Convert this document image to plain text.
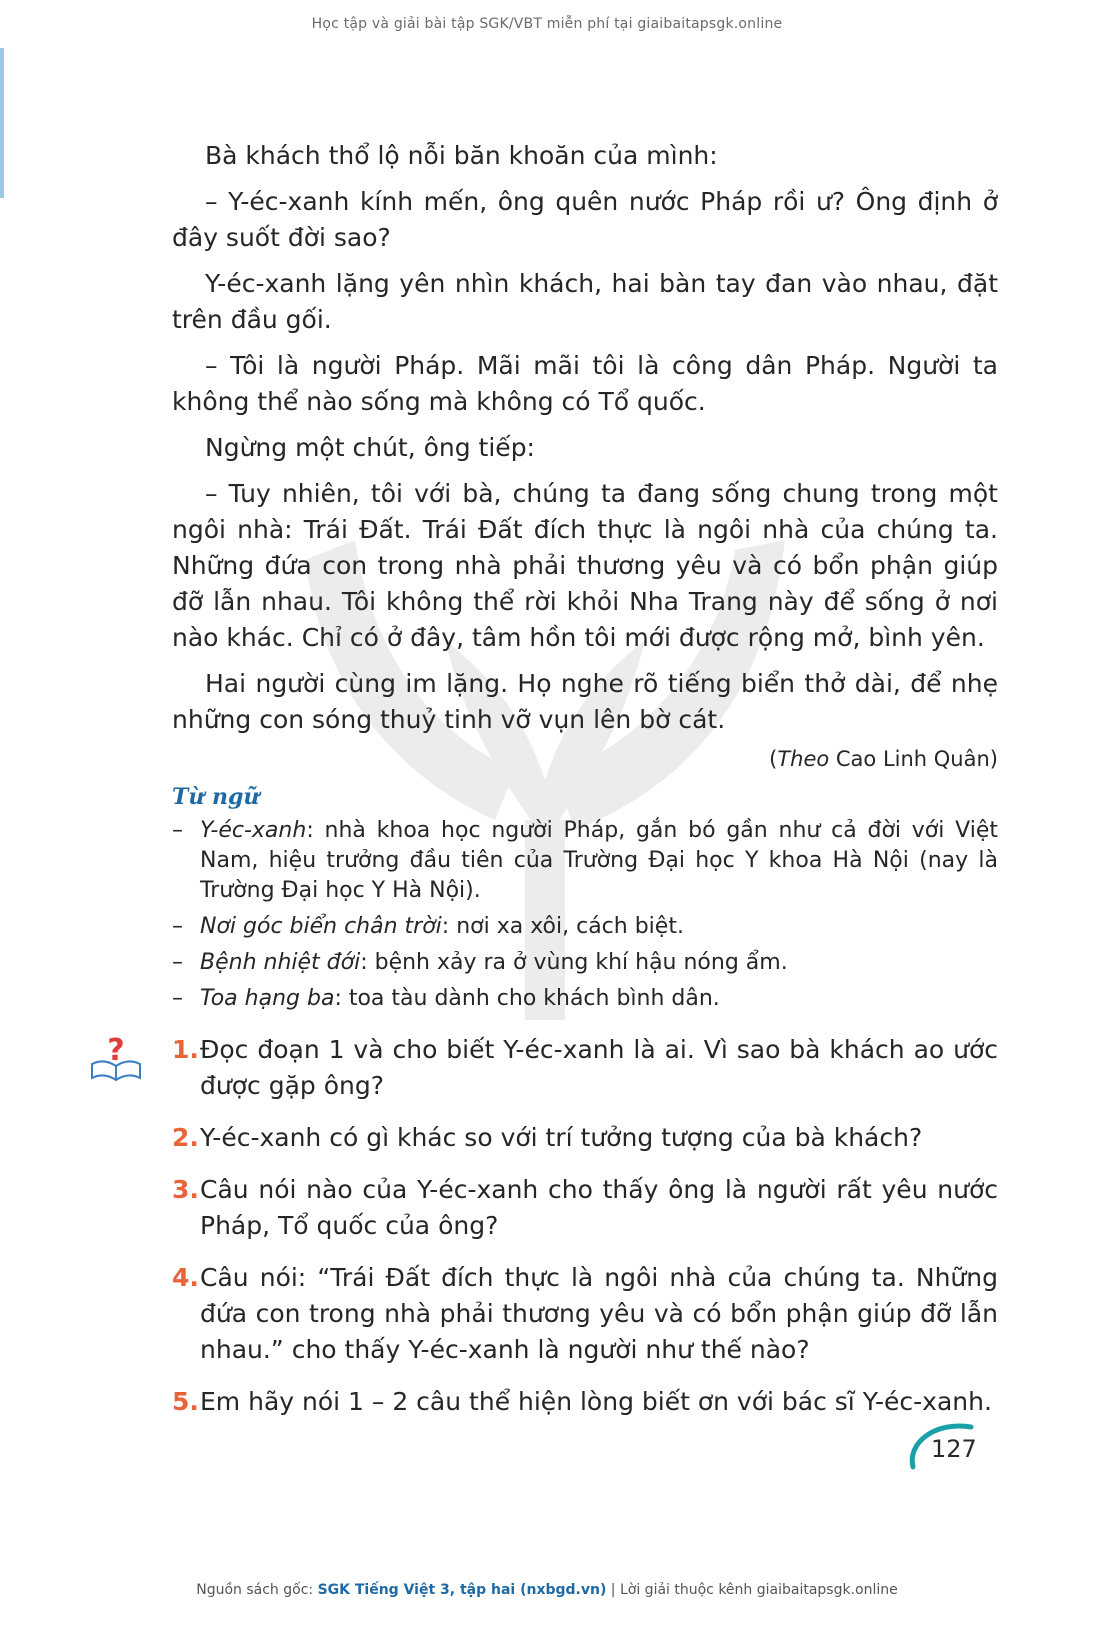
Học tập và giải bài tập SGK/VBT miễn phí tại giaibaitapsgk.online

Bà khách thổ lộ nỗi băn khoăn của mình:

– Y-éc-xanh kính mến, ông quên nước Pháp rồi ư? Ông định ở đây suốt đời sao?

Y-éc-xanh lặng yên nhìn khách, hai bàn tay đan vào nhau, đặt trên đầu gối.

– Tôi là người Pháp. Mãi mãi tôi là công dân Pháp. Người ta không thể nào sống mà không có Tổ quốc.

Ngừng một chút, ông tiếp:

– Tuy nhiên, tôi với bà, chúng ta đang sống chung trong một ngôi nhà: Trái Đất. Trái Đất đích thực là ngôi nhà của chúng ta. Những đứa con trong nhà phải thương yêu và có bổn phận giúp đỡ lẫn nhau. Tôi không thể rời khỏi Nha Trang này để sống ở nơi nào khác. Chỉ có ở đây, tâm hồn tôi mới được rộng mở, bình yên.

Hai người cùng im lặng. Họ nghe rõ tiếng biển thở dài, để nhẹ những con sóng thuỷ tinh vỡ vụn lên bờ cát.

(Theo Cao Linh Quân)
Từ ngữ
– Y-éc-xanh: nhà khoa học người Pháp, gắn bó gần như cả đời với Việt Nam, hiệu trưởng đầu tiên của Trường Đại học Y khoa Hà Nội (nay là Trường Đại học Y Hà Nội).
– Nơi góc biển chân trời: nơi xa xôi, cách biệt.
– Bệnh nhiệt đới: bệnh xảy ra ở vùng khí hậu nóng ẩm.
– Toa hạng ba: toa tàu dành cho khách bình dân.
1. Đọc đoạn 1 và cho biết Y-éc-xanh là ai. Vì sao bà khách ao ước được gặp ông?
2. Y-éc-xanh có gì khác so với trí tưởng tượng của bà khách?
3. Câu nói nào của Y-éc-xanh cho thấy ông là người rất yêu nước Pháp, Tổ quốc của ông?
4. Câu nói: “Trái Đất đích thực là ngôi nhà của chúng ta. Những đứa con trong nhà phải thương yêu và có bổn phận giúp đỡ lẫn nhau.” cho thấy Y-éc-xanh là người như thế nào?
5. Em hãy nói 1 – 2 câu thể hiện lòng biết ơn với bác sĩ Y-éc-xanh.
?
127
Nguồn sách gốc: SGK Tiếng Việt 3, tập hai (nxbgd.vn) | Lời giải thuộc kênh giaibaitapsgk.online
